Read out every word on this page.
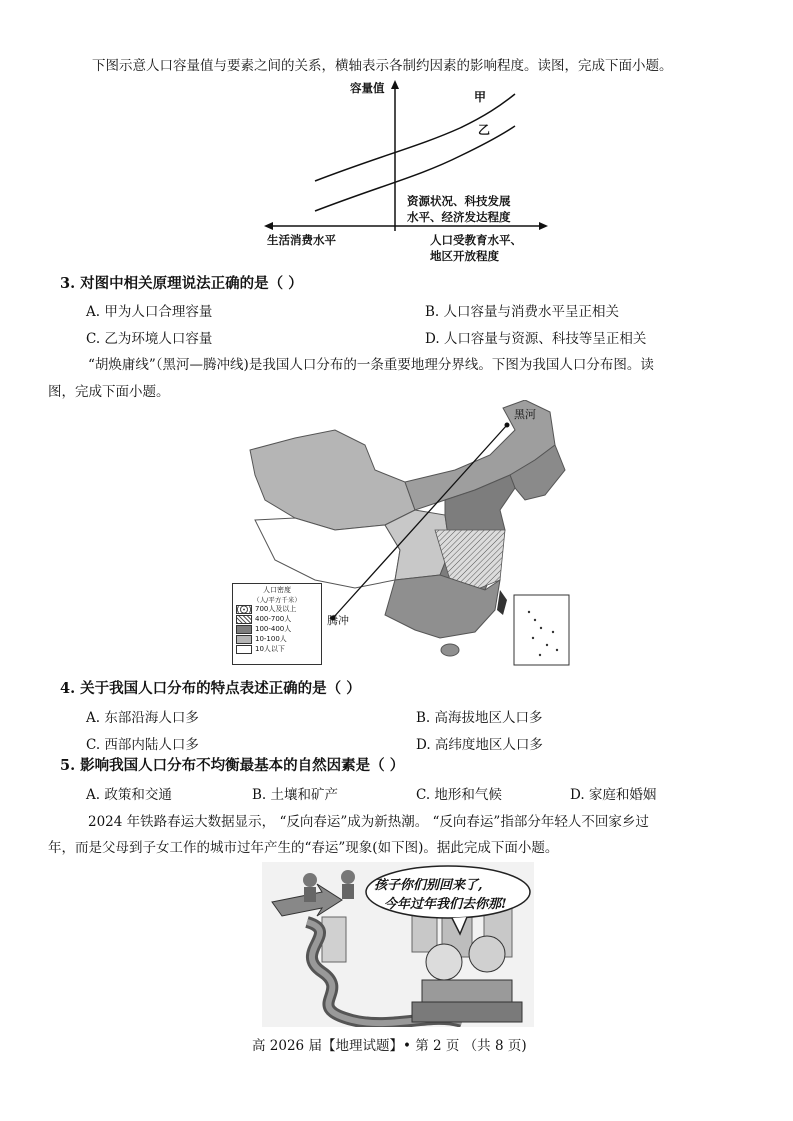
下图示意人口容量值与要素之间的关系，横轴表示各制约因素的影响程度。读图，完成下面小题。
容量值
甲
乙
资源状况、科技发展
水平、经济发达程度
生活消费水平	人口受教育水平、
地区开放程度
3. 对图中相关原理说法正确的是（ ）
A. 甲为人口合理容量	B. 人口容量与消费水平呈正相关
C. 乙为环境人口容量	D. 人口容量与资源、科技等呈正相关
“胡焕庸线”（黑河—腾冲线)是我国人口分布的一条重要地理分界线。下图为我国人口分布图。读
图，完成下面小题。
黑河
腾冲
人口密度
（人/平方千米）
700人及以上
400-700人
100-400人
10-100人
10人以下
4. 关于我国人口分布的特点表述正确的是（ ）
A. 东部沿海人口多	B. 高海拔地区人口多
C. 西部内陆人口多	D. 高纬度地区人口多
5. 影响我国人口分布不均衡最基本的自然因素是（ ）
A. 政策和交通	B. 土壤和矿产	C. 地形和气候	D. 家庭和婚姻
2024 年铁路春运大数据显示， “反向春运”成为新热潮。 “反向春运”指部分年轻人不回家乡过
年，而是父母到子女工作的城市过年产生的“春运”现象(如下图)。据此完成下面小题。
孩子你们别回来了,
今年过年我们去你那!
高 2026 届【地理试题】• 第 2 页 （共 8 页)
